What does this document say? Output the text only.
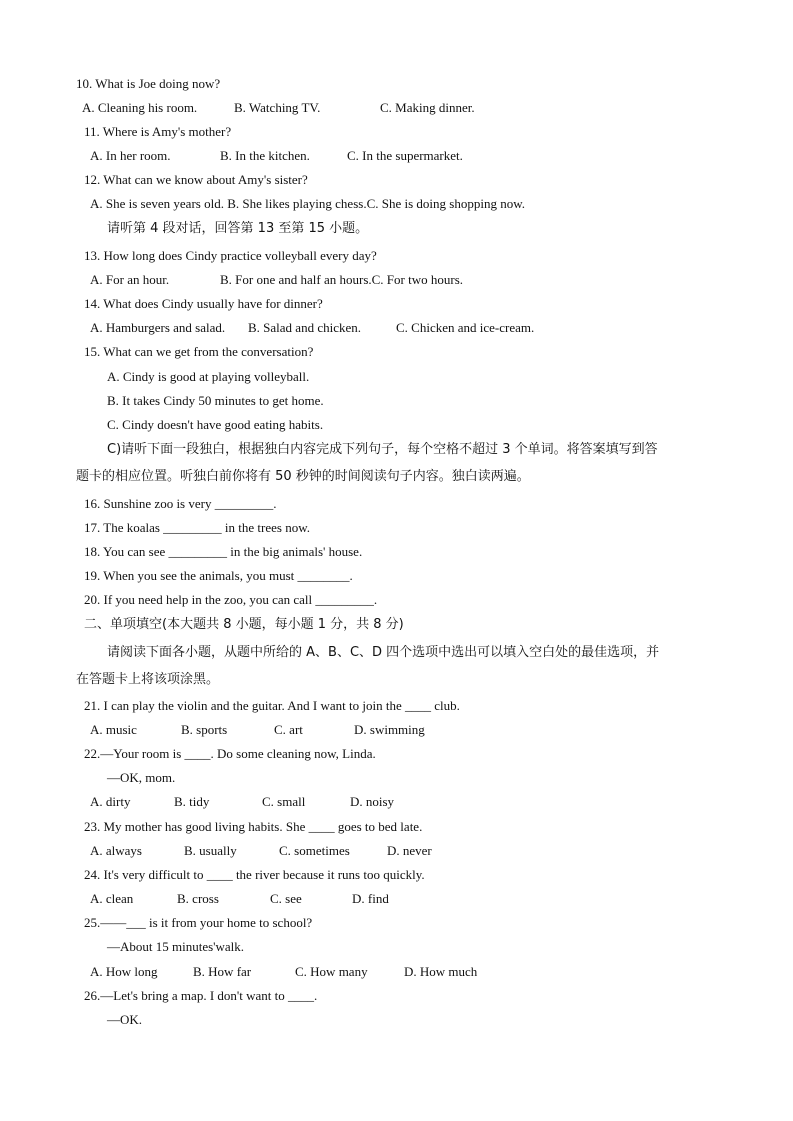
10. What is Joe doing now?
A. Cleaning his room.	B. Watching TV.	C. Making dinner.
11. Where is Amy's mother?
A. In her room.	B. In the kitchen.	C. In the supermarket.
12. What can we know about Amy's sister?
A. She is seven years old. B. She likes playing chess.C. She is doing shopping now.
请听第 4 段对话，回答第 13 至第 15 小题。
13. How long does Cindy practice volleyball every day?
A. For an hour.	B. For one and half an hours.C. For two hours.
14. What does Cindy usually have for dinner?
A. Hamburgers and salad. B. Salad and chicken.	C. Chicken and ice-cream.
15. What can we get from the conversation?
A. Cindy is good at playing volleyball.
B. It takes Cindy 50 minutes to get home.
C. Cindy doesn't have good eating habits.
C)请听下面一段独白，根据独白内容完成下列句子，每个空格不超过 3 个单词。将答案填写到答
题卡的相应位置。听独白前你将有 50 秒钟的时间阅读句子内容。独白读两遍。
16. Sunshine zoo is very _________.
17. The koalas _________ in the trees now.
18. You can see _________ in the big animals' house.
19. When you see the animals, you must ________.
20. If you need help in the zoo, you can call _________.
二、单项填空(本大题共 8 小题，每小题 1 分，共 8 分)
请阅读下面各小题，从题中所给的 A、B、C、D 四个选项中选出可以填入空白处的最佳选项，并
在答题卡上将该项涂黑。
21. I can play the violin and the guitar. And I want to join the ____ club.
A. music	B. sports	C. art	D. swimming
22.—Your room is ____. Do some cleaning now, Linda.
—OK, mom.
A. dirty	B. tidy	C. small	D. noisy
23. My mother has good living habits. She ____ goes to bed late.
A. always	B. usually	C. sometimes	D. never
24. It's very difficult to ____ the river because it runs too quickly.
A. clean	B. cross	C. see	D. find
25.——___ is it from your home to school?
—About 15 minutes'walk.
A. How long	B. How far	C. How many	D. How much
26.—Let's bring a map. I don't want to ____.
—OK.
